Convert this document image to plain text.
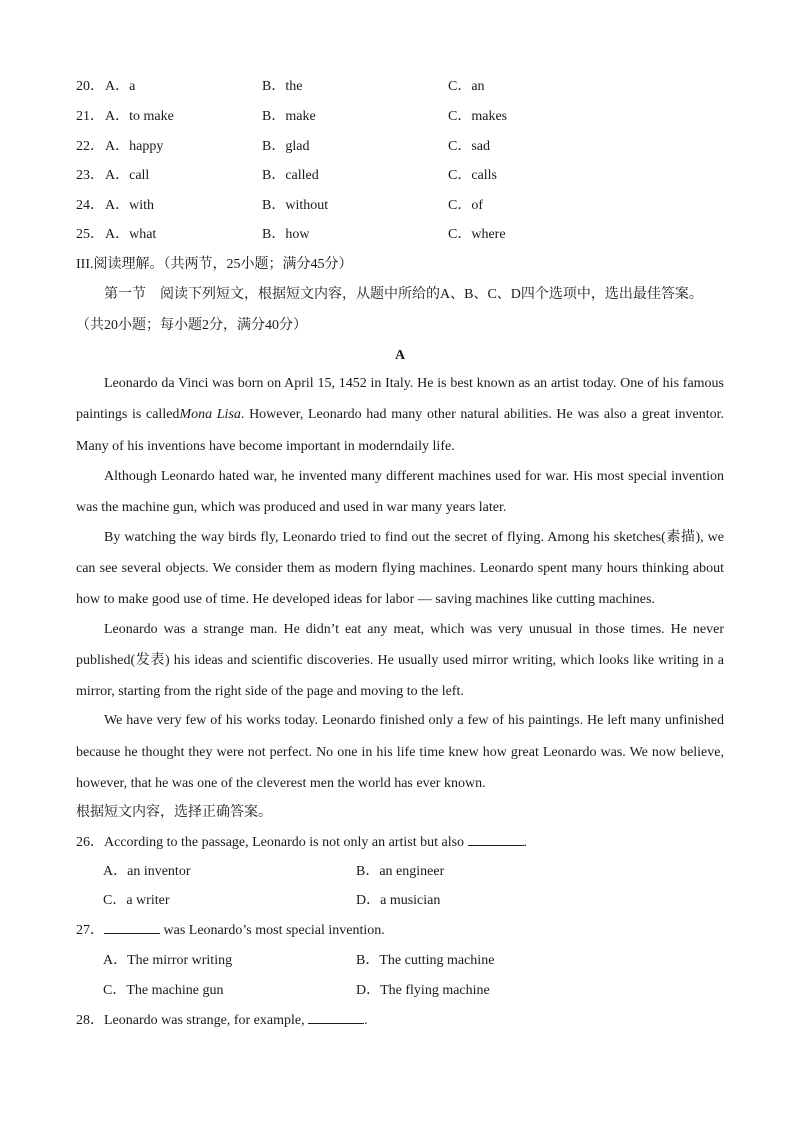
20． A．a	B．the	C．an
21． A．to make	B．make	C．makes
22． A．happy	B．glad	C．sad
23． A．call	B．called	C．calls
24． A．with	B．without	C．of
25． A．what	B．how	C．where
III.阅读理解。（共两节，25小题；满分45分）
第一节　阅读下列短文，根据短文内容，从题中所给的A、B、C、D四个选项中，选出最佳答案。
（共20小题；每小题2分，满分40分）
A
Leonardo da Vinci was born on April 15, 1452 in Italy. He is best known as an artist today. One of his famous
paintings is calledMona Lisa. However, Leonardo had many other natural abilities. He was also a great inventor.
Many of his inventions have become important in moderndaily life.
Although Leonardo hated war, he invented many different machines used for war. His most special invention
was the machine gun, which was produced and used in war many years later.
By watching the way birds fly, Leonardo tried to find out the secret of flying. Among his sketches(素描), we
can see several objects. We consider them as modern flying machines. Leonardo spent many hours thinking about
how to make good use of time. He developed ideas for labor — saving machines like cutting machines.
Leonardo was a strange man. He didn’t eat any meat, which was very unusual in those times. He never
published(发表) his ideas and scientific discoveries. He usually used mirror writing, which looks like writing in a
mirror, starting from the right side of the page and moving to the left.
We have very few of his works today. Leonardo finished only a few of his paintings. He left many unfinished
because he thought they were not perfect. No one in his life time knew how great Leonardo was. We now believe,
however, that he was one of the cleverest men the world has ever known.
根据短文内容，选择正确答案。
26．According to the passage, Leonardo is not only an artist but also	.
A．an inventor	B．an engineer
C．a writer	D．a musician
27．	was Leonardo’s most special invention.
A．The mirror writing	B．The cutting machine
C．The machine gun	D．The flying machine
28．Leonardo was strange, for example,	.
